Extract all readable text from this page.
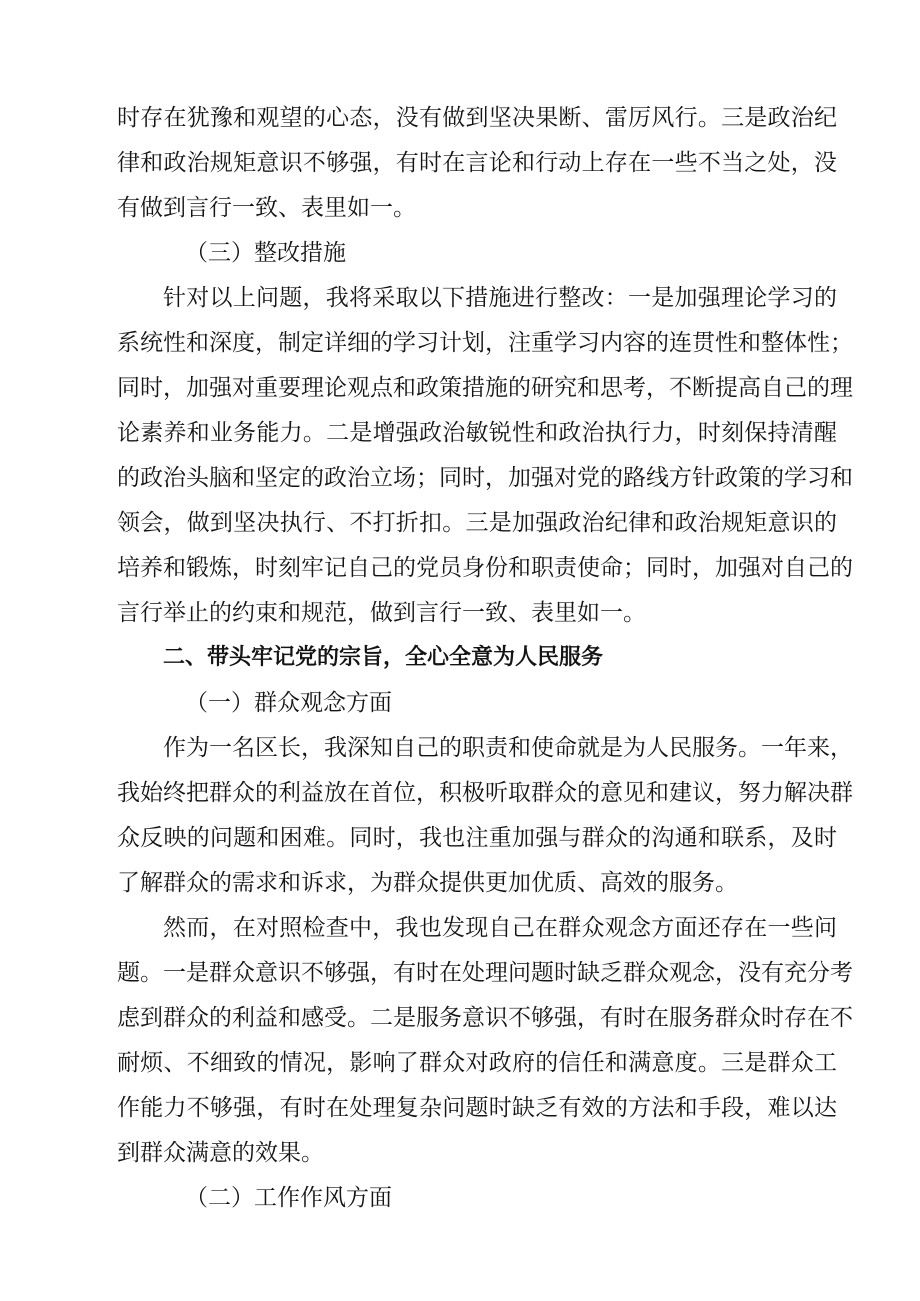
时存在犹豫和观望的心态，没有做到坚决果断、雷厉风行。三是政治纪
律和政治规矩意识不够强，有时在言论和行动上存在一些不当之处，没
有做到言行一致、表里如一。
（三）整改措施
针对以上问题，我将采取以下措施进行整改：一是加强理论学习的
系统性和深度，制定详细的学习计划，注重学习内容的连贯性和整体性；
同时，加强对重要理论观点和政策措施的研究和思考，不断提高自己的理
论素养和业务能力。二是增强政治敏锐性和政治执行力，时刻保持清醒
的政治头脑和坚定的政治立场；同时，加强对党的路线方针政策的学习和
领会，做到坚决执行、不打折扣。三是加强政治纪律和政治规矩意识的
培养和锻炼，时刻牢记自己的党员身份和职责使命；同时，加强对自己的
言行举止的约束和规范，做到言行一致、表里如一。
二、带头牢记党的宗旨，全心全意为人民服务
（一）群众观念方面
作为一名区长，我深知自己的职责和使命就是为人民服务。一年来，
我始终把群众的利益放在首位，积极听取群众的意见和建议，努力解决群
众反映的问题和困难。同时，我也注重加强与群众的沟通和联系，及时
了解群众的需求和诉求，为群众提供更加优质、高效的服务。
然而，在对照检查中，我也发现自己在群众观念方面还存在一些问
题。一是群众意识不够强，有时在处理问题时缺乏群众观念，没有充分考
虑到群众的利益和感受。二是服务意识不够强，有时在服务群众时存在不
耐烦、不细致的情况，影响了群众对政府的信任和满意度。三是群众工
作能力不够强，有时在处理复杂问题时缺乏有效的方法和手段，难以达
到群众满意的效果。
（二）工作作风方面
